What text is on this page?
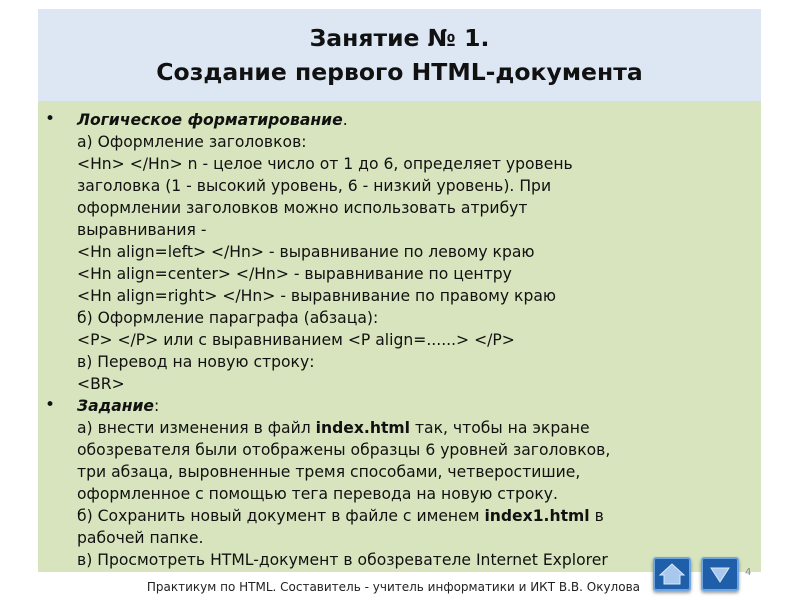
Занятие № 1.
Создание первого HTML-документа
• Логическое форматирование.
а) Оформление заголовков:
<Hn> </Hn> n - целое число от 1 до 6, определяет уровень
заголовка (1 - высокий уровень, 6 - низкий уровень). При
оформлении заголовков можно использовать атрибут
выравнивания -
<Hn align=left> </Hn> - выравнивание по левому краю
<Hn align=center> </Hn> - выравнивание по центру
<Hn align=right> </Hn> - выравнивание по правому краю
б) Оформление параграфа (абзаца):
<P> </P> или с выравниванием <P align=......> </P>
в) Перевод на новую строку:
<BR>
• Задание:
а) внести изменения в файл index.html так, чтобы на экране
обозревателя были отображены образцы 6 уровней заголовков,
три абзаца, выровненные тремя способами, четверостишие,
оформленное с помощью тега перевода на новую строку.
б) Сохранить новый документ в файле с именем index1.html в
рабочей папке.
в) Просмотреть HTML-документ в обозревателе Internet Explorer
Практикум по HTML. Составитель - учитель информатики и ИКТ В.В. Окулова
4
